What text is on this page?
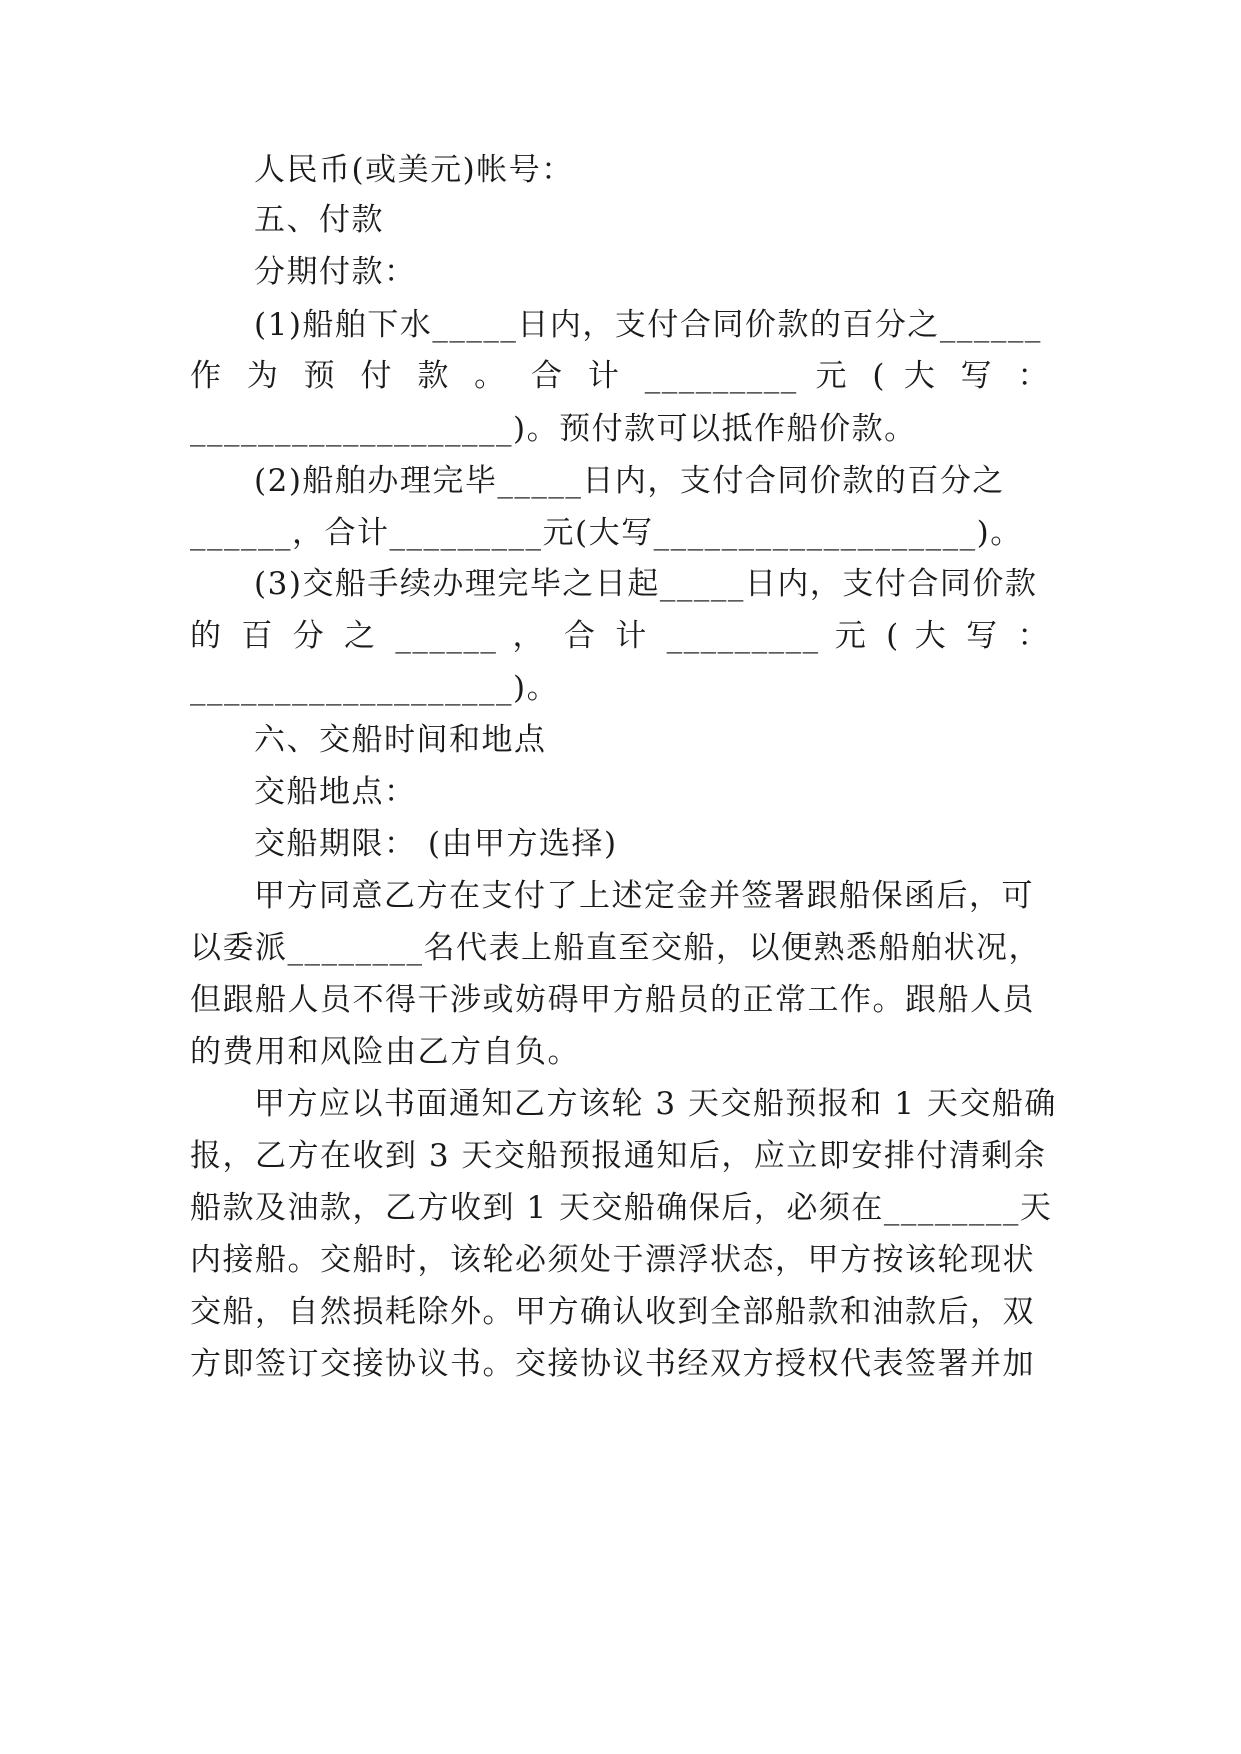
人民币(或美元)帐号：
五、付款
分期付款：
(1)船舶下水_____日内，支付合同价款的百分之______
作 为 预 付 款 。 合 计 _________ 元 ( 大 写 ：
___________________)。预付款可以抵作船价款。
(2)船舶办理完毕_____日内，支付合同价款的百分之
______，合计_________元(大写___________________)。
(3)交船手续办理完毕之日起_____日内，支付合同价款
的 百 分 之 ______ ， 合 计 _________ 元 ( 大 写 ：
___________________)。
六、交船时间和地点
交船地点：
交船期限： (由甲方选择)
甲方同意乙方在支付了上述定金并签署跟船保函后，可
以委派________名代表上船直至交船，以便熟悉船舶状况，
但跟船人员不得干涉或妨碍甲方船员的正常工作。跟船人员
的费用和风险由乙方自负。
甲方应以书面通知乙方该轮 3 天交船预报和 1 天交船确
报，乙方在收到 3 天交船预报通知后，应立即安排付清剩余
船款及油款，乙方收到 1 天交船确保后，必须在________天
内接船。交船时，该轮必须处于漂浮状态，甲方按该轮现状
交船，自然损耗除外。甲方确认收到全部船款和油款后，双
方即签订交接协议书。交接协议书经双方授权代表签署并加
